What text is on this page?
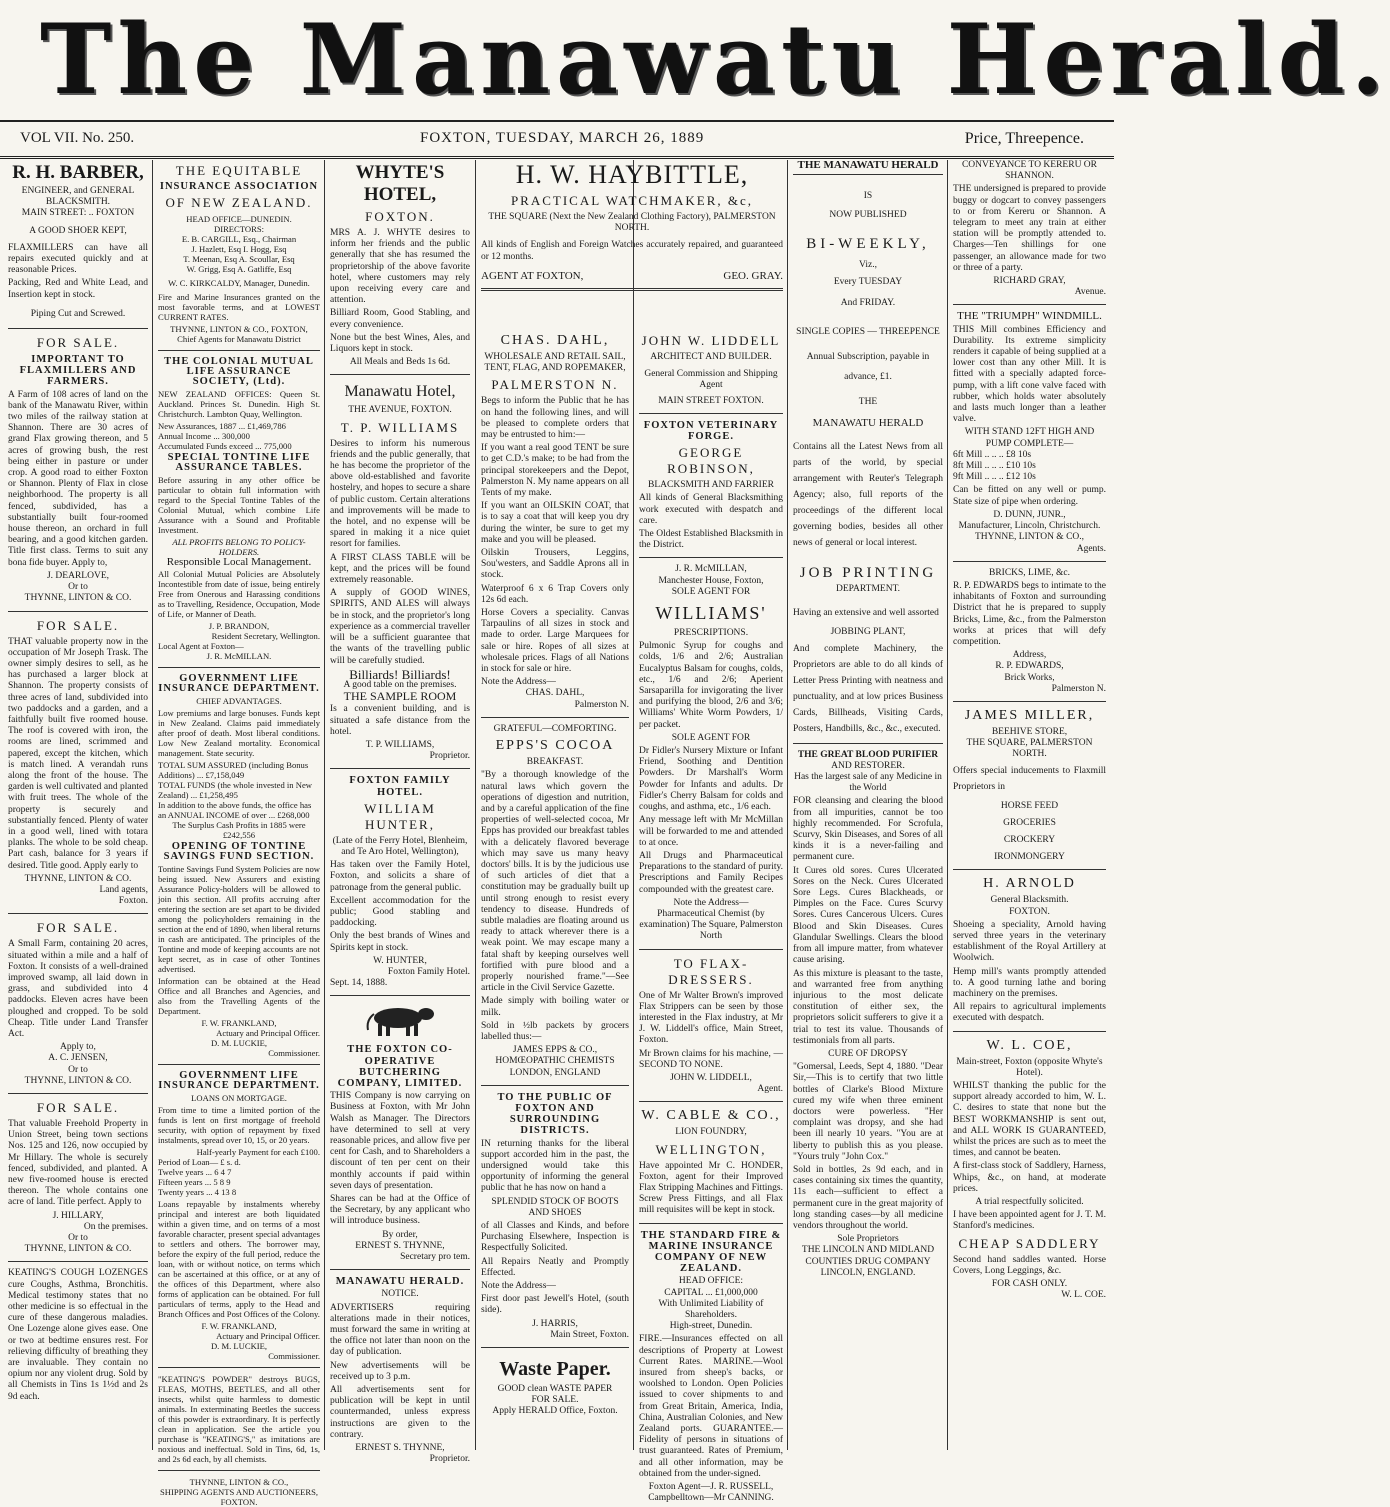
The Manawatu Herald.
VOL VII. No. 250.	FOXTON, TUESDAY, MARCH 26, 1889	Price, Threepence.
R. H. BARBER,
ENGINEER, and GENERAL BLACKSMITH.
MAIN STREET: .. FOXTON
A GOOD SHOER KEPT,
FLAXMILLERS can have all repairs executed quickly and at reasonable Prices.
Packing, Red and White Lead, and Insertion kept in stock.
Piping Cut and Screwed.
FOR SALE.
IMPORTANT TO FLAXMILLERS AND FARMERS.
A Farm of 108 acres of land on the bank of the Manawatu River, within two miles of the railway station at Shannon. There are 30 acres of grand Flax growing thereon, and 5 acres of growing bush, the rest being either in pasture or under crop. A good road to either Foxton or Shannon. Plenty of Flax in close neighborhood. The property is all fenced, subdivided, has a substantially built four-roomed house thereon, an orchard in full bearing, and a good kitchen garden. Title first class. Terms to suit any bona fide buyer. Apply to,
J. DEARLOVE,
Or to
THYNNE, LINTON & CO.
FOR SALE.
THAT valuable property now in the occupation of Mr Joseph Trask. The owner simply desires to sell, as he has purchased a larger block at Shannon. The property consists of three acres of land, subdivided into two paddocks and a garden, and a faithfully built five roomed house. The roof is covered with iron, the rooms are lined, scrimmed and papered, except the kitchen, which is match lined. A verandah runs along the front of the house. The garden is well cultivated and planted with fruit trees. The whole of the property is securely and substantially fenced. Plenty of water in a good well, lined with totara planks. The whole to be sold cheap. Part cash, balance for 3 years if desired. Title good. Apply early to
THYNNE, LINTON & CO.
Land agents,
Foxton.
FOR SALE.
A Small Farm, containing 20 acres, situated within a mile and a half of Foxton. It consists of a well-drained improved swamp, all laid down in grass, and subdivided into 4 paddocks. Eleven acres have been ploughed and cropped. To be sold Cheap. Title under Land Transfer Act.
Apply to,
A. C. JENSEN,
Or to
THYNNE, LINTON & CO.
FOR SALE.
That valuable Freehold Property in Union Street, being town sections Nos. 125 and 126, now occupied by Mr Hillary. The whole is securely fenced, subdivided, and planted. A new five-roomed house is erected thereon. The whole contains one acre of land. Title perfect. Apply to
J. HILLARY,
On the premises.
Or to
THYNNE, LINTON & CO.
KEATING'S COUGH LOZENGES cure Coughs, Asthma, Bronchitis. Medical testimony states that no other medicine is so effectual in the cure of these dangerous maladies. One Lozenge alone gives ease. One or two at bedtime ensures rest. For relieving difficulty of breathing they are invaluable. They contain no opium nor any violent drug. Sold by all Chemists in Tins 1s 1½d and 2s 9d each.
THE EQUITABLE
INSURANCE ASSOCIATION
OF NEW ZEALAND.
HEAD OFFICE—DUNEDIN.
DIRECTORS:
E. B. CARGILL, Esq., Chairman
J. Hazlett, Esq I. Hogg, Esq
T. Meenan, Esq A. Scoullar, Esq
W. Grigg, Esq A. Gatliffe, Esq
W. C. KIRKCALDY, Manager, Dunedin.
Fire and Marine Insurances granted on the most favorable terms, and at LOWEST CURRENT RATES.
THYNNE, LINTON & CO., FOXTON,
Chief Agents for Manawatu District
THE COLONIAL MUTUAL LIFE ASSURANCE SOCIETY, (Ltd).
NEW ZEALAND OFFICES: Queen St. Auckland. Princes St. Dunedin. High St. Christchurch. Lambton Quay, Wellington.
New Assurances, 1887 ... £1,469,786
Annual Income ... 300,000
Accumulated Funds exceed ... 775,000
SPECIAL TONTINE LIFE ASSURANCE TABLES.
Before assuring in any other office be particular to obtain full information with regard to the Special Tontine Tables of the Colonial Mutual, which combine Life Assurance with a Sound and Profitable Investment.
ALL PROFITS BELONG TO POLICY-HOLDERS.
Responsible Local Management.
All Colonial Mutual Policies are Absolutely Incontestible from date of issue, being entirely Free from Onerous and Harassing conditions as to Travelling, Residence, Occupation, Mode of Life, or Manner of Death.
J. P. BRANDON,
Resident Secretary, Wellington.
Local Agent at Foxton—
J. R. McMILLAN.
GOVERNMENT LIFE INSURANCE DEPARTMENT.
CHIEF ADVANTAGES.
Low premiums and large bonuses. Funds kept in New Zealand. Claims paid immediately after proof of death. Most liberal conditions. Low New Zealand mortality. Economical management. State security.
TOTAL SUM ASSURED (including Bonus Additions) ... £7,158,049
TOTAL FUNDS (the whole invested in New Zealand) ... £1,258,495
In addition to the above funds, the office has an ANNUAL INCOME of over ... £268,000
The Surplus Cash Profits in 1885 were £242,556
OPENING OF TONTINE SAVINGS FUND SECTION.
Tontine Savings Fund System Policies are now being issued. New Assurers and existing Assurance Policy-holders will be allowed to join this section. All profits accruing after entering the section are set apart to be divided among the policyholders remaining in the section at the end of 1890, when liberal returns in cash are anticipated. The principles of the Tontine and mode of keeping accounts are not kept secret, as in case of other Tontines advertised.
Information can be obtained at the Head Office and all Branches and Agencies, and also from the Travelling Agents of the Department.
F. W. FRANKLAND,
Actuary and Principal Officer.
D. M. LUCKIE,
Commissioner.
GOVERNMENT LIFE INSURANCE DEPARTMENT.
LOANS ON MORTGAGE.
From time to time a limited portion of the funds is lent on first mortgage of freehold security, with option of repayment by fixed instalments, spread over 10, 15, or 20 years.
Half-yearly Payment for each £100.
Period of Loan— £ s. d.
Twelve years ... 6 4 7
Fifteen years ... 5 8 9
Twenty years ... 4 13 8
Loans repayable by instalments whereby principal and interest are both liquidated within a given time, and on terms of a most favorable character, present special advantages to settlers and others. The borrower may, before the expiry of the full period, reduce the loan, with or without notice, on terms which can be ascertained at this office, or at any of the offices of this Department, where also forms of application can be obtained. For full particulars of terms, apply to the Head and Branch Offices and Post Offices of the Colony.
F. W. FRANKLAND,
Actuary and Principal Officer.
D. M. LUCKIE,
Commissioner.
"KEATING'S POWDER" destroys BUGS, FLEAS, MOTHS, BEETLES, and all other insects, whilst quite harmless to domestic animals. In exterminating Beetles the success of this powder is extraordinary. It is perfectly clean in application. See the article you purchase is "KEATING'S," as imitations are noxious and ineffectual. Sold in Tins, 6d, 1s, and 2s 6d each, by all chemists.
THYNNE, LINTON & CO.,
SHIPPING AGENTS AND AUCTIONEERS,
FOXTON.
WHYTE'S HOTEL,
FOXTON.
MRS A. J. WHYTE desires to inform her friends and the public generally that she has resumed the proprietorship of the above favorite hotel, where customers may rely upon receiving every care and attention.
Billiard Room, Good Stabling, and every convenience.
None but the best Wines, Ales, and Liquors kept in stock.
All Meals and Beds 1s 6d.
Manawatu Hotel,
THE AVENUE, FOXTON.
T. P. WILLIAMS
Desires to inform his numerous friends and the public generally, that he has become the proprietor of the above old-established and favorite hostelry, and hopes to secure a share of public custom. Certain alterations and improvements will be made to the hotel, and no expense will be spared in making it a nice quiet resort for families.
A FIRST CLASS TABLE will be kept, and the prices will be found extremely reasonable.
A supply of GOOD WINES, SPIRITS, AND ALES will always be in stock, and the proprietor's long experience as a commercial traveller will be a sufficient guarantee that the wants of the travelling public will be carefully studied.
Billiards! Billiards!
A good table on the premises.
THE SAMPLE ROOM
Is a convenient building, and is situated a safe distance from the hotel.
T. P. WILLIAMS,
Proprietor.
FOXTON FAMILY HOTEL.
WILLIAM HUNTER,
(Late of the Ferry Hotel, Blenheim, and Te Aro Hotel, Wellington),
Has taken over the Family Hotel, Foxton, and solicits a share of patronage from the general public.
Excellent accommodation for the public; Good stabling and paddocking.
Only the best brands of Wines and Spirits kept in stock.
W. HUNTER,
Foxton Family Hotel.
Sept. 14, 1888.
THE FOXTON CO-OPERATIVE BUTCHERING COMPANY, LIMITED.
THIS Company is now carrying on Business at Foxton, with Mr John Walsh as Manager. The Directors have determined to sell at very reasonable prices, and allow five per cent for Cash, and to Shareholders a discount of ten per cent on their monthly accounts if paid within seven days of presentation.
Shares can be had at the Office of the Secretary, by any applicant who will introduce business.
By order,
ERNEST S. THYNNE,
Secretary pro tem.
MANAWATU HERALD.
NOTICE.
ADVERTISERS requiring alterations made in their notices, must forward the same in writing at the office not later than noon on the day of publication.
New advertisements will be received up to 3 p.m.
All advertisements sent for publication will be kept in until countermanded, unless express instructions are given to the contrary.
ERNEST S. THYNNE,
Proprietor.
H. W. HAYBITTLE,
PRACTICAL WATCHMAKER, &c,
THE SQUARE (Next the New Zealand Clothing Factory), PALMERSTON NORTH.
All kinds of English and Foreign Watches accurately repaired, and guaranteed or 12 months.
AGENT AT FOXTON,	GEO. GRAY.
CHAS. DAHL,
WHOLESALE AND RETAIL SAIL, TENT, FLAG, AND ROPEMAKER,
PALMERSTON N.
Begs to inform the Public that he has on hand the following lines, and will be pleased to complete orders that may be entrusted to him:—
If you want a real good TENT be sure to get C.D.'s make; to be had from the principal storekeepers and the Depot, Palmerston N. My name appears on all Tents of my make.
If you want an OILSKIN COAT, that is to say a coat that will keep you dry during the winter, be sure to get my make and you will be pleased.
Oilskin Trousers, Leggins, Sou'westers, and Saddle Aprons all in stock.
Waterproof 6 x 6 Trap Covers only 12s 6d each.
Horse Covers a speciality. Canvas Tarpaulins of all sizes in stock and made to order. Large Marquees for sale or hire. Ropes of all sizes at wholesale prices. Flags of all Nations in stock for sale or hire.
Note the Address—
CHAS. DAHL,
Palmerston N.
GRATEFUL—COMFORTING.
EPPS'S COCOA
BREAKFAST.
"By a thorough knowledge of the natural laws which govern the operations of digestion and nutrition, and by a careful application of the fine properties of well-selected cocoa, Mr Epps has provided our breakfast tables with a delicately flavored beverage which may save us many heavy doctors' bills. It is by the judicious use of such articles of diet that a constitution may be gradually built up until strong enough to resist every tendency to disease. Hundreds of subtle maladies are floating around us ready to attack wherever there is a weak point. We may escape many a fatal shaft by keeping ourselves well fortified with pure blood and a properly nourished frame."—See article in the Civil Service Gazette.
Made simply with boiling water or milk.
Sold in ½lb packets by grocers labelled thus:—
JAMES EPPS & CO.,
HOMŒOPATHIC CHEMISTS
LONDON, ENGLAND
TO THE PUBLIC OF FOXTON AND SURROUNDING DISTRICTS.
IN returning thanks for the liberal support accorded him in the past, the undersigned would take this opportunity of informing the general public that he has now on hand a
SPLENDID STOCK OF BOOTS AND SHOES
of all Classes and Kinds, and before Purchasing Elsewhere, Inspection is Respectfully Solicited.
All Repairs Neatly and Promptly Effected.
Note the Address—
First door past Jewell's Hotel, (south side).
J. HARRIS,
Main Street, Foxton.
Waste Paper.
GOOD clean WASTE PAPER
FOR SALE.
Apply HERALD Office, Foxton.
JOHN W. LIDDELL
ARCHITECT AND BUILDER.
General Commission and Shipping Agent
MAIN STREET FOXTON.
FOXTON VETERINARY FORGE.
GEORGE ROBINSON,
BLACKSMITH AND FARRIER
All kinds of General Blacksmithing work executed with despatch and care.
The Oldest Established Blacksmith in the District.
J. R. McMILLAN,
Manchester House, Foxton,
SOLE AGENT FOR
WILLIAMS'
PRESCRIPTIONS.
Pulmonic Syrup for coughs and colds, 1/6 and 2/6; Australian Eucalyptus Balsam for coughs, colds, etc., 1/6 and 2/6; Aperient Sarsaparilla for invigorating the liver and purifying the blood, 2/6 and 3/6; Williams' White Worm Powders, 1/ per packet.
SOLE AGENT FOR
Dr Fidler's Nursery Mixture or Infant Friend, Soothing and Dentition Powders. Dr Marshall's Worm Powder for Infants and adults. Dr Fidler's Cherry Balsam for colds and coughs, and asthma, etc., 1/6 each.
Any message left with Mr McMillan will be forwarded to me and attended to at once.
All Drugs and Pharmaceutical Preparations to the standard of purity. Prescriptions and Family Recipes compounded with the greatest care.
Note the Address—
Pharmaceutical Chemist (by examination) The Square, Palmerston North
TO FLAX-DRESSERS.
One of Mr Walter Brown's improved Flax Strippers can be seen by those interested in the Flax industry, at Mr J. W. Liddell's office, Main Street, Foxton.
Mr Brown claims for his machine, —SECOND TO NONE.
JOHN W. LIDDELL,
Agent.
W. CABLE & CO.,
LION FOUNDRY,
WELLINGTON,
Have appointed Mr C. HONDER, Foxton, agent for their Improved Flax Stripping Machines and Fittings. Screw Press Fittings, and all Flax mill requisites will be kept in stock.
THE STANDARD FIRE & MARINE INSURANCE COMPANY OF NEW ZEALAND.
HEAD OFFICE:
CAPITAL ... £1,000,000
With Unlimited Liability of Shareholders.
High-street, Dunedin.
FIRE.—Insurances effected on all descriptions of Property at Lowest Current Rates. MARINE.—Wool insured from sheep's backs, or woolshed to London. Open Policies issued to cover shipments to and from Great Britain, America, India, China, Australian Colonies, and New Zealand ports. GUARANTEE.—Fidelity of persons in situations of trust guaranteed. Rates of Premium, and all other information, may be obtained from the under-signed.
Foxton Agent—J. R. RUSSELL,
Campbelltown—Mr CANNING.
THE MANAWATU HERALD
IS
NOW PUBLISHED
BI-WEEKLY,
Viz.,
Every TUESDAY
And FRIDAY.
SINGLE COPIES — THREEPENCE
Annual Subscription, payable in
advance, £1.
THE
MANAWATU HERALD
Contains all the Latest News from all parts of the world, by special arrangement with Reuter's Telegraph Agency; also, full reports of the proceedings of the different local governing bodies, besides all other news of general or local interest.
JOB PRINTING
DEPARTMENT.
Having an extensive and well assorted
JOBBING PLANT,
And complete Machinery, the Proprietors are able to do all kinds of Letter Press Printing with neatness and punctuality, and at low prices Business Cards, Billheads, Visiting Cards, Posters, Handbills, &c., &c., executed.
THE GREAT BLOOD PURIFIER
AND RESTORER.
Has the largest sale of any Medicine in the World
FOR cleansing and clearing the blood from all impurities, cannot be too highly recommended. For Scrofula, Scurvy, Skin Diseases, and Sores of all kinds it is a never-failing and permanent cure.
It Cures old sores. Cures Ulcerated Sores on the Neck. Cures Ulcerated Sore Legs. Cures Blackheads, or Pimples on the Face. Cures Scurvy Sores. Cures Cancerous Ulcers. Cures Blood and Skin Diseases. Cures Glandular Swellings. Clears the blood from all impure matter, from whatever cause arising.
As this mixture is pleasant to the taste, and warranted free from anything injurious to the most delicate constitution of either sex, the proprietors solicit sufferers to give it a trial to test its value. Thousands of testimonials from all parts.
CURE OF DROPSY
"Gomersal, Leeds, Sept 4, 1880. "Dear Sir,—This is to certify that two little bottles of Clarke's Blood Mixture cured my wife when three eminent doctors were powerless. "Her complaint was dropsy, and she had been ill nearly 10 years. "You are at liberty to publish this as you please. "Yours truly "John Cox."
Sold in bottles, 2s 9d each, and in cases containing six times the quantity, 11s each—sufficient to effect a permanent cure in the great majority of long standing cases—by all medicine vendors throughout the world.
Sole Proprietors
THE LINCOLN AND MIDLAND COUNTIES DRUG COMPANY
LINCOLN, ENGLAND.
CONVEYANCE TO KERERU OR SHANNON.
THE undersigned is prepared to provide buggy or dogcart to convey passengers to or from Kereru or Shannon. A telegram to meet any train at either station will be promptly attended to. Charges—Ten shillings for one passenger, an allowance made for two or three of a party.
RICHARD GRAY,
Avenue.
THE "TRIUMPH" WINDMILL.
THIS Mill combines Efficiency and Durability. Its extreme simplicity renders it capable of being supplied at a lower cost than any other Mill. It is fitted with a specially adapted force-pump, with a lift cone valve faced with rubber, which holds water absolutely and lasts much longer than a leather valve.
WITH STAND 12FT HIGH AND PUMP COMPLETE—
6ft Mill .. .. .. £8 10s
8ft Mill .. .. .. £10 10s
9ft Mill .. .. .. £12 10s
Can be fitted on any well or pump. State size of pipe when ordering.
D. DUNN, JUNR.,
Manufacturer, Lincoln, Christchurch.
THYNNE, LINTON & CO.,
Agents.
BRICKS, LIME, &c.
R. P. EDWARDS begs to intimate to the inhabitants of Foxton and surrounding District that he is prepared to supply Bricks, Lime, &c., from the Palmerston works at prices that will defy competition.
Address,
R. P. EDWARDS,
Brick Works,
Palmerston N.
JAMES MILLER,
BEEHIVE STORE,
THE SQUARE, PALMERSTON NORTH.
Offers special inducements to Flaxmill Proprietors in
HORSE FEED
GROCERIES
CROCKERY
IRONMONGERY
H. ARNOLD
General Blacksmith.
FOXTON.
Shoeing a speciality, Arnold having served three years in the veterinary establishment of the Royal Artillery at Woolwich.
Hemp mill's wants promptly attended to. A good turning lathe and boring machinery on the premises.
All repairs to agricultural implements executed with despatch.
W. L. COE,
Main-street, Foxton (opposite Whyte's Hotel).
WHILST thanking the public for the support already accorded to him, W. L. C. desires to state that none but the BEST WORKMANSHIP is sent out, and ALL WORK IS GUARANTEED, whilst the prices are such as to meet the times, and cannot be beaten.
A first-class stock of Saddlery, Harness, Whips, &c., on hand, at moderate prices.
A trial respectfully solicited.
I have been appointed agent for J. T. M. Stanford's medicines.
CHEAP SADDLERY
Second hand saddles wanted. Horse Covers, Long Leggings, &c.
FOR CASH ONLY.
W. L. COE.
